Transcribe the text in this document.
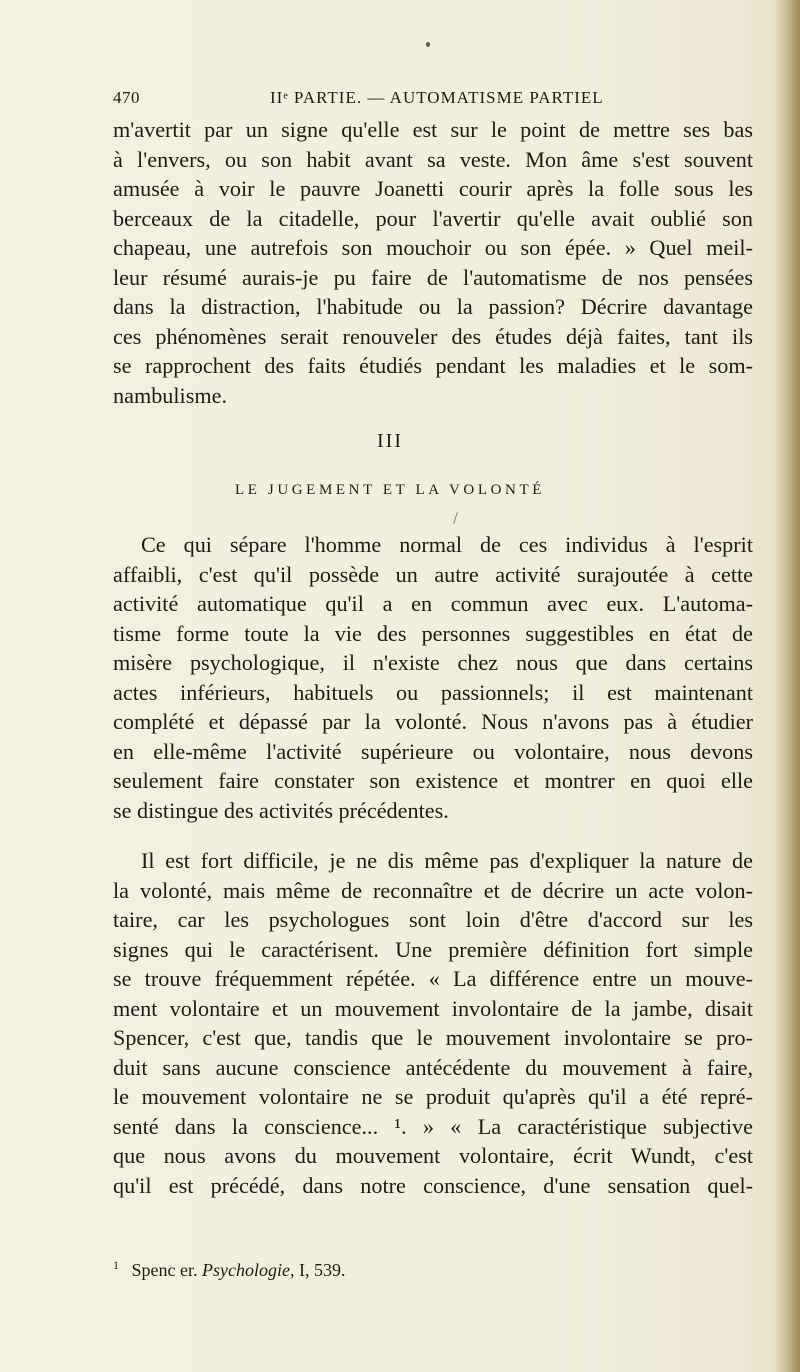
470	IIᵉ PARTIE. — AUTOMATISME PARTIEL
m'avertit par un signe qu'elle est sur le point de mettre ses bas
à l'envers, ou son habit avant sa veste. Mon âme s'est souvent
amusée à voir le pauvre Joanetti courir après la folle sous les
berceaux de la citadelle, pour l'avertir qu'elle avait oublié son
chapeau, une autrefois son mouchoir ou son épée. » Quel meil-
leur résumé aurais-je pu faire de l'automatisme de nos pensées
dans la distraction, l'habitude ou la passion? Décrire davantage
ces phénomènes serait renouveler des études déjà faites, tant ils
se rapprochent des faits étudiés pendant les maladies et le som-
nambulisme.
III
LE JUGEMENT ET LA VOLONTÉ
Ce qui sépare l'homme normal de ces individus à l'esprit
affaibli, c'est qu'il possède un autre activité surajoutée à cette
activité automatique qu'il a en commun avec eux. L'automa-
tisme forme toute la vie des personnes suggestibles en état de
misère psychologique, il n'existe chez nous que dans certains
actes inférieurs, habituels ou passionnels; il est maintenant
complété et dépassé par la volonté. Nous n'avons pas à étudier
en elle-même l'activité supérieure ou volontaire, nous devons
seulement faire constater son existence et montrer en quoi elle
se distingue des activités précédentes.
Il est fort difficile, je ne dis même pas d'expliquer la nature de
la volonté, mais même de reconnaître et de décrire un acte volon-
taire, car les psychologues sont loin d'être d'accord sur les
signes qui le caractérisent. Une première définition fort simple
se trouve fréquemment répétée. « La différence entre un mouve-
ment volontaire et un mouvement involontaire de la jambe, disait
Spencer, c'est que, tandis que le mouvement involontaire se pro-
duit sans aucune conscience antécédente du mouvement à faire,
le mouvement volontaire ne se produit qu'après qu'il a été repré-
senté dans la conscience... ¹. » « La caractéristique subjective
que nous avons du mouvement volontaire, écrit Wundt, c'est
qu'il est précédé, dans notre conscience, d'une sensation quel-
$^1$ Spenc er. Psychologie, I, 539.
